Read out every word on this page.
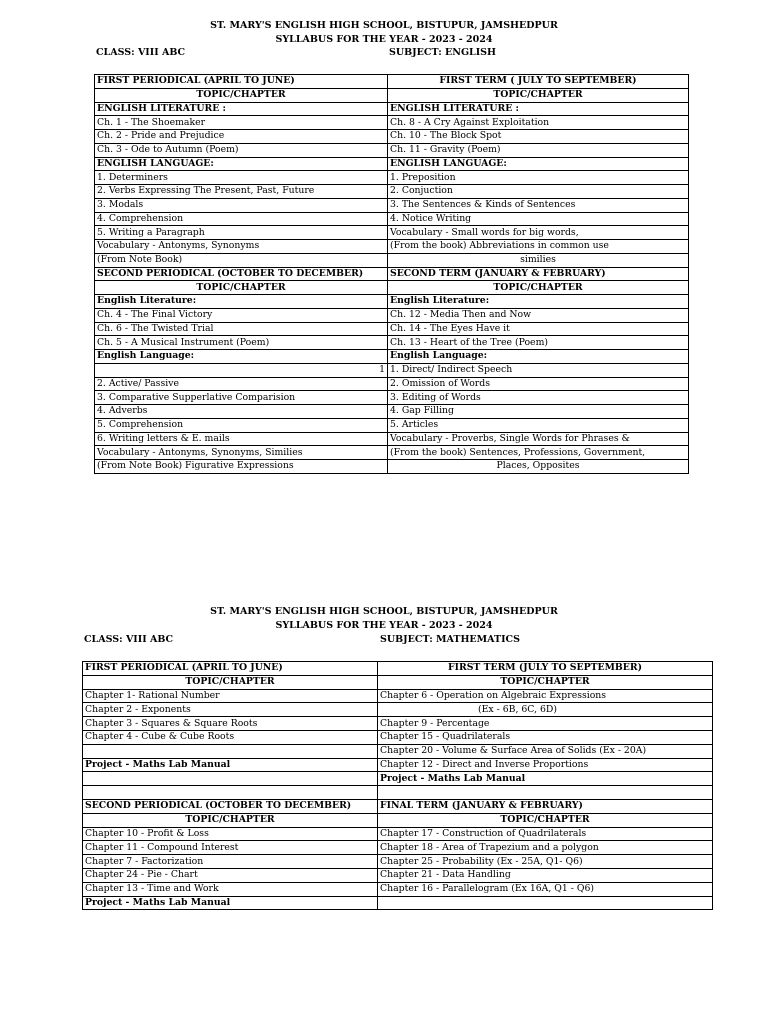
ST. MARY'S ENGLISH HIGH SCHOOL, BISTUPUR, JAMSHEDPUR
SYLLABUS FOR THE YEAR - 2023 - 2024
CLASS: VIII ABC	SUBJECT: ENGLISH
FIRST PERIODICAL (APRIL TO JUNE)	FIRST TERM ( JULY TO SEPTEMBER)
TOPIC/CHAPTER	TOPIC/CHAPTER
ENGLISH LITERATURE :	ENGLISH LITERATURE :
Ch. 1 - The Shoemaker	Ch. 8 - A Cry Against Exploitation
Ch. 2 - Pride and Prejudice	Ch. 10 - The Block Spot
Ch. 3 - Ode to Autumn (Poem)	Ch. 11 - Gravity (Poem)
ENGLISH LANGUAGE:	ENGLISH LANGUAGE:
1. Determiners	1. Preposition
2. Verbs Expressing The Present, Past, Future	2. Conjuction
3. Modals	3. The Sentences & Kinds of Sentences
4. Comprehension	4. Notice Writing
5. Writing a Paragraph	Vocabulary - Small words for big words,
Vocabulary - Antonyms, Synonyms	(From the book) Abbreviations in common use
(From Note Book)	similies
SECOND PERIODICAL (OCTOBER TO DECEMBER)	SECOND TERM (JANUARY & FEBRUARY)
TOPIC/CHAPTER	TOPIC/CHAPTER
English Literature:	English Literature:
Ch. 4 - The Final Victory	Ch. 12 - Media Then and Now
Ch. 6 - The Twisted Trial	Ch. 14 - The Eyes Have it
Ch. 5 - A Musical Instrument (Poem)	Ch. 13 - Heart of the Tree (Poem)
English Language:	English Language:
1	1. Direct/ Indirect Speech
2. Active/ Passive	2. Omission of Words
3. Comparative Supperlative Comparision	3. Editing of Words
4. Adverbs	4. Gap Filling
5. Comprehension	5. Articles
6. Writing letters & E. mails	Vocabulary - Proverbs, Single Words for Phrases &
Vocabulary - Antonyms, Synonyms, Similies	(From the book) Sentences, Professions, Government,
(From Note Book) Figurative Expressions	Places, Opposites
ST. MARY'S ENGLISH HIGH SCHOOL, BISTUPUR, JAMSHEDPUR
SYLLABUS FOR THE YEAR - 2023 - 2024
CLASS: VIII ABC	SUBJECT: MATHEMATICS
FIRST PERIODICAL (APRIL TO JUNE)	FIRST TERM (JULY TO SEPTEMBER)
TOPIC/CHAPTER	TOPIC/CHAPTER
Chapter 1- Rational Number	Chapter 6 - Operation on Algebraic Expressions
Chapter 2 - Exponents	(Ex - 6B, 6C, 6D)
Chapter 3 - Squares & Square Roots	Chapter 9 - Percentage
Chapter 4 - Cube & Cube Roots	Chapter 15 - Quadrilaterals
	Chapter 20 - Volume & Surface Area of Solids (Ex - 20A)
Project - Maths Lab Manual	Chapter 12 - Direct and Inverse Proportions
	Project - Maths Lab Manual

SECOND PERIODICAL (OCTOBER TO DECEMBER)	FINAL TERM (JANUARY & FEBRUARY)
TOPIC/CHAPTER	TOPIC/CHAPTER
Chapter 10 - Profit & Loss	Chapter 17 - Construction of Quadrilaterals
Chapter 11 - Compound Interest	Chapter 18 - Area of Trapezium and a polygon
Chapter 7 - Factorization	Chapter 25 - Probability (Ex - 25A, Q1- Q6)
Chapter 24 - Pie - Chart	Chapter 21 - Data Handling
Chapter 13 - Time and Work	Chapter 16 - Parallelogram (Ex 16A, Q1 - Q6)
Project - Maths Lab Manual	
